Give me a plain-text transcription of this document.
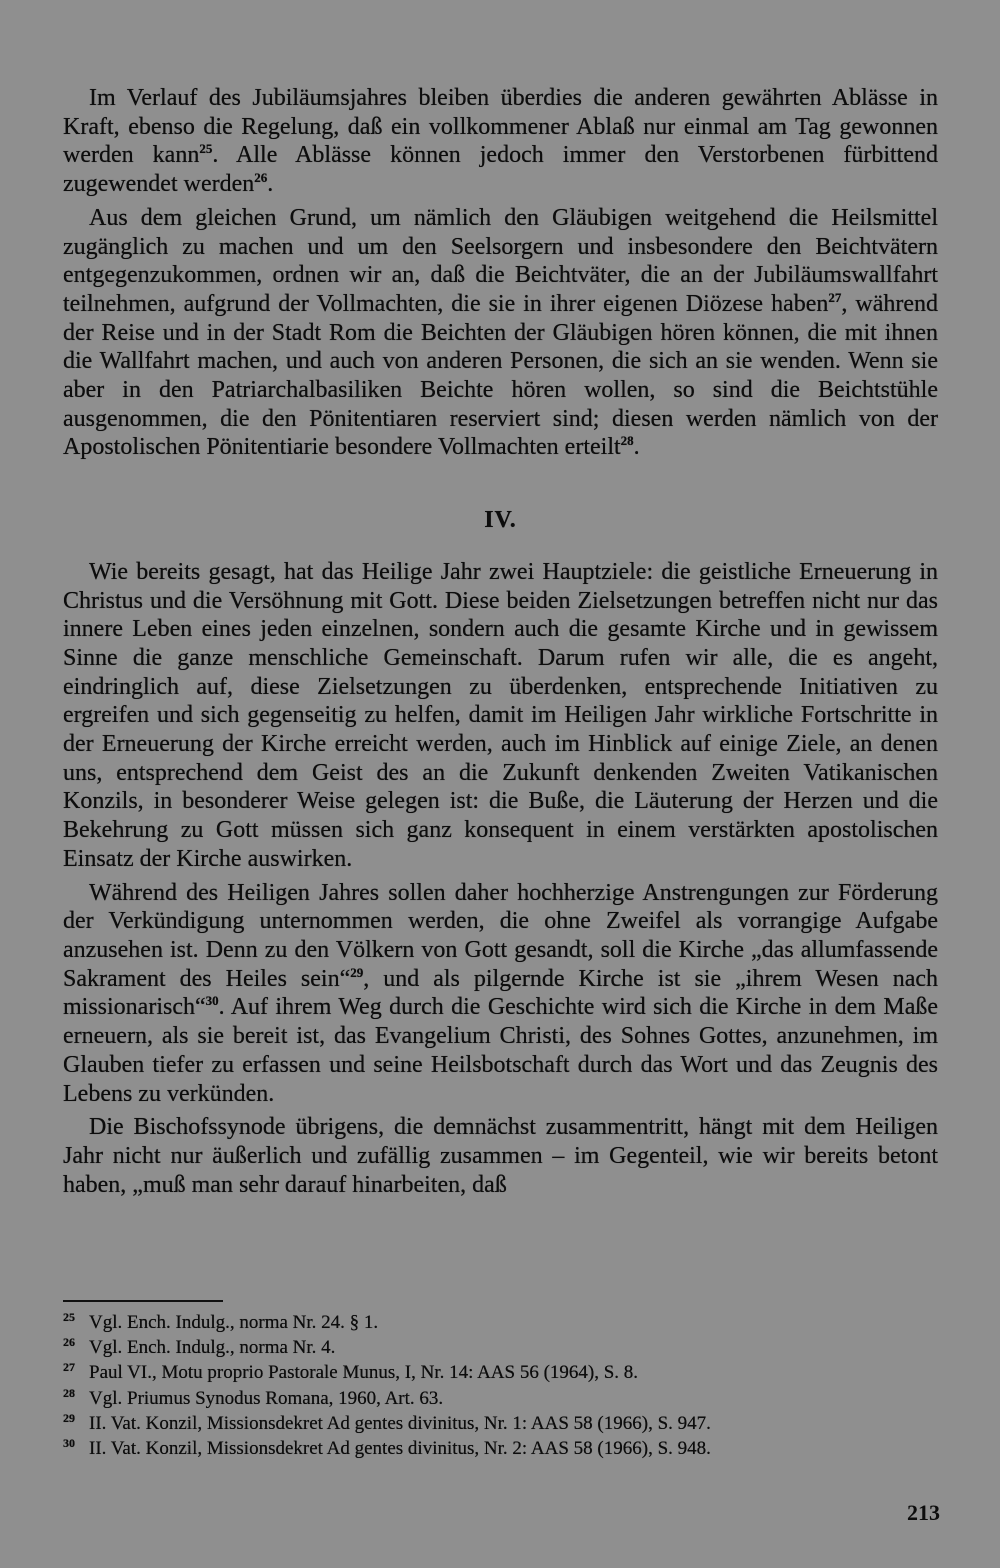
Im Verlauf des Jubiläumsjahres bleiben überdies die anderen gewährten Ablässe in Kraft, ebenso die Regelung, daß ein vollkommener Ablaß nur einmal am Tag gewonnen werden kann$^{25}$. Alle Ablässe können jedoch immer den Verstorbenen fürbittend zugewendet werden$^{26}$.

Aus dem gleichen Grund, um nämlich den Gläubigen weitgehend die Heilsmittel zugänglich zu machen und um den Seelsorgern und insbesondere den Beichtvätern entgegenzukommen, ordnen wir an, daß die Beichtväter, die an der Jubiläumswallfahrt teilnehmen, aufgrund der Vollmachten, die sie in ihrer eigenen Diözese haben$^{27}$, während der Reise und in der Stadt Rom die Beichten der Gläubigen hören können, die mit ihnen die Wallfahrt machen, und auch von anderen Personen, die sich an sie wenden. Wenn sie aber in den Patriarchalbasiliken Beichte hören wollen, so sind die Beichtstühle ausgenommen, die den Pönitentiaren reserviert sind; diesen werden nämlich von der Apostolischen Pönitentiarie besondere Vollmachten erteilt$^{28}$.

IV.

Wie bereits gesagt, hat das Heilige Jahr zwei Hauptziele: die geistliche Erneuerung in Christus und die Versöhnung mit Gott. Diese beiden Zielsetzungen betreffen nicht nur das innere Leben eines jeden einzelnen, sondern auch die gesamte Kirche und in gewissem Sinne die ganze menschliche Gemeinschaft. Darum rufen wir alle, die es angeht, eindringlich auf, diese Zielsetzungen zu überdenken, entsprechende Initiativen zu ergreifen und sich gegenseitig zu helfen, damit im Heiligen Jahr wirkliche Fortschritte in der Erneuerung der Kirche erreicht werden, auch im Hinblick auf einige Ziele, an denen uns, entsprechend dem Geist des an die Zukunft denkenden Zweiten Vatikanischen Konzils, in besonderer Weise gelegen ist: die Buße, die Läuterung der Herzen und die Bekehrung zu Gott müssen sich ganz konsequent in einem verstärkten apostolischen Einsatz der Kirche auswirken.

Während des Heiligen Jahres sollen daher hochherzige Anstrengungen zur Förderung der Verkündigung unternommen werden, die ohne Zweifel als vorrangige Aufgabe anzusehen ist. Denn zu den Völkern von Gott gesandt, soll die Kirche „das allumfassende Sakrament des Heiles sein“$^{29}$, und als pilgernde Kirche ist sie „ihrem Wesen nach missionarisch“$^{30}$. Auf ihrem Weg durch die Geschichte wird sich die Kirche in dem Maße erneuern, als sie bereit ist, das Evangelium Christi, des Sohnes Gottes, anzunehmen, im Glauben tiefer zu erfassen und seine Heilsbotschaft durch das Wort und das Zeugnis des Lebens zu verkünden.

Die Bischofssynode übrigens, die demnächst zusammentritt, hängt mit dem Heiligen Jahr nicht nur äußerlich und zufällig zusammen – im Gegenteil, wie wir bereits betont haben, „muß man sehr darauf hinarbeiten, daß

25 Vgl. Ench. Indulg., norma Nr. 24. § 1.
26 Vgl. Ench. Indulg., norma Nr. 4.
27 Paul VI., Motu proprio Pastorale Munus, I, Nr. 14: AAS 56 (1964), S. 8.
28 Vgl. Priumus Synodus Romana, 1960, Art. 63.
29 II. Vat. Konzil, Missionsdekret Ad gentes divinitus, Nr. 1: AAS 58 (1966), S. 947.
30 II. Vat. Konzil, Missionsdekret Ad gentes divinitus, Nr. 2: AAS 58 (1966), S. 948.
213
